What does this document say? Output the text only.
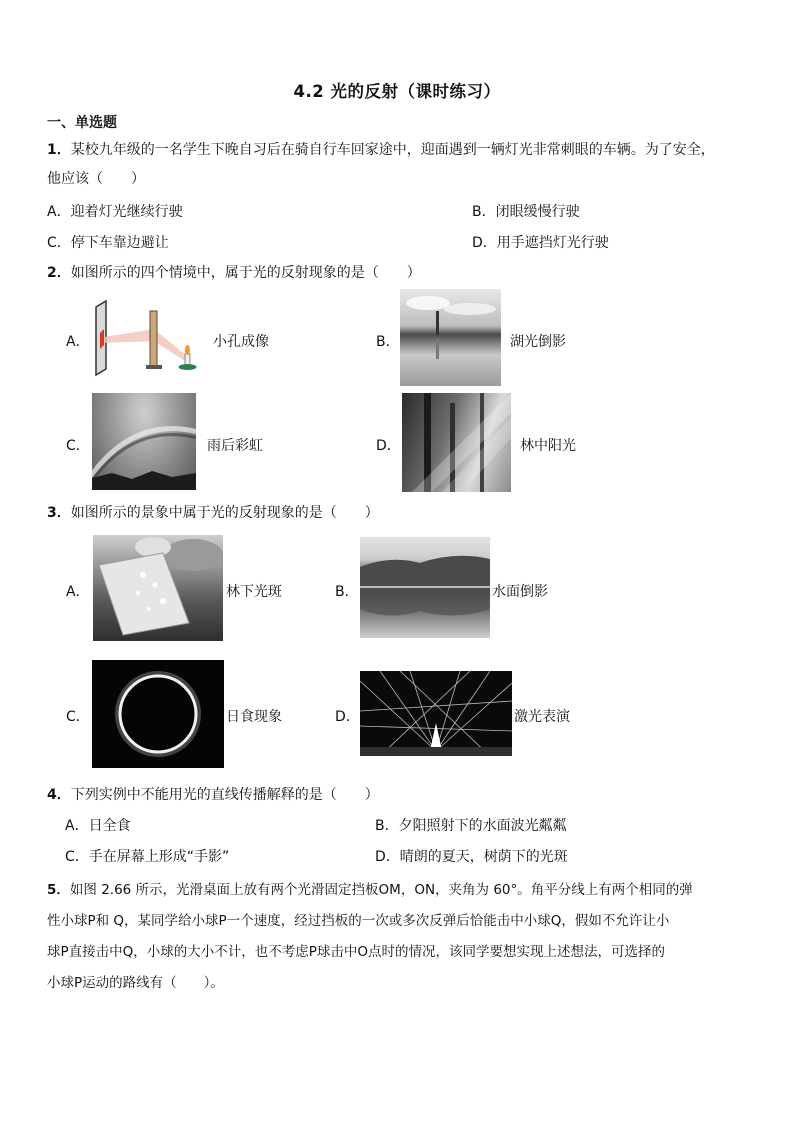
4.2 光的反射（课时练习）
一、单选题
1．某校九年级的一名学生下晚自习后在骑自行车回家途中，迎面遇到一辆灯光非常刺眼的车辆。为了安全，
他应该（　　）
A．迎着灯光继续行驶	B．闭眼缓慢行驶
C．停下车靠边避让	D．用手遮挡灯光行驶
2．如图所示的四个情境中，属于光的反射现象的是（　　）
A．	小孔成像	B．	湖光倒影
C．	雨后彩虹	D．	林中阳光
3．如图所示的景象中属于光的反射现象的是（　　）
A．	林下光斑	B．	水面倒影
C．	日食现象	D．	激光表演
4．下列实例中不能用光的直线传播解释的是（　　）
A．日全食	B．夕阳照射下的水面波光粼粼
C．手在屏幕上形成“手影”	D．晴朗的夏天，树荫下的光斑
5．如图 2.66 所示，光滑桌面上放有两个光滑固定挡板OM，ON，夹角为 60°。角平分线上有两个相同的弹
性小球P和 Q，某同学给小球P一个速度，经过挡板的一次或多次反弹后恰能击中小球Q，假如不允许让小
球P直接击中Q，小球的大小不计，也不考虑P球击中O点时的情况，该同学要想实现上述想法，可选择的
小球P运动的路线有（　　）。
